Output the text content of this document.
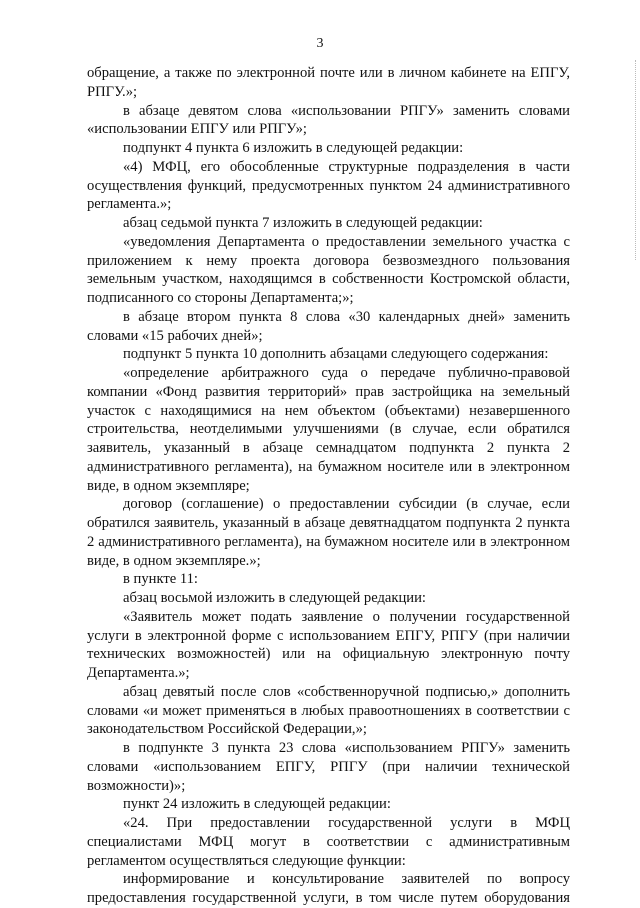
3

обращение, а также по электронной почте или в личном кабинете на ЕПГУ, РПГУ.»;

в абзаце девятом слова «использовании РПГУ» заменить словами «использовании ЕПГУ или РПГУ»;

подпункт 4 пункта 6 изложить в следующей редакции:

«4) МФЦ, его обособленные структурные подразделения в части осуществления функций, предусмотренных пунктом 24 административного регламента.»;

абзац седьмой пункта 7 изложить в следующей редакции:

«уведомления Департамента о предоставлении земельного участка с приложением к нему проекта договора безвозмездного пользования земельным участком, находящимся в собственности Костромской области, подписанного со стороны Департамента;»;

в абзаце втором пункта 8 слова «30 календарных дней» заменить словами «15 рабочих дней»;

подпункт 5 пункта 10 дополнить абзацами следующего содержания:

«определение арбитражного суда о передаче публично-правовой компании «Фонд развития территорий» прав застройщика на земельный участок с находящимися на нем объектом (объектами) незавершенного строительства, неотделимыми улучшениями (в случае, если обратился заявитель, указанный в абзаце семнадцатом подпункта 2 пункта 2 административного регламента), на бумажном носителе или в электронном виде, в одном экземпляре;

договор (соглашение) о предоставлении субсидии (в случае, если обратился заявитель, указанный в абзаце девятнадцатом подпункта 2 пункта 2 административного регламента), на бумажном носителе или в электронном виде, в одном экземпляре.»;

в пункте 11:

абзац восьмой изложить в следующей редакции:

«Заявитель может подать заявление о получении государственной услуги в электронной форме с использованием ЕПГУ, РПГУ (при наличии технических возможностей) или на официальную электронную почту Департамента.»;

абзац девятый после слов «собственноручной подписью,» дополнить словами «и может применяться в любых правоотношениях в соответствии с законодательством Российской Федерации,»;

в подпункте 3 пункта 23 слова «использованием РПГУ» заменить словами «использованием ЕПГУ, РПГУ (при наличии технической возможности)»;

пункт 24 изложить в следующей редакции:

«24. При предоставлении государственной услуги в МФЦ специалистами МФЦ могут в соответствии с административным регламентом осуществляться следующие функции:

информирование и консультирование заявителей по вопросу предоставления государственной услуги, в том числе путем оборудования
